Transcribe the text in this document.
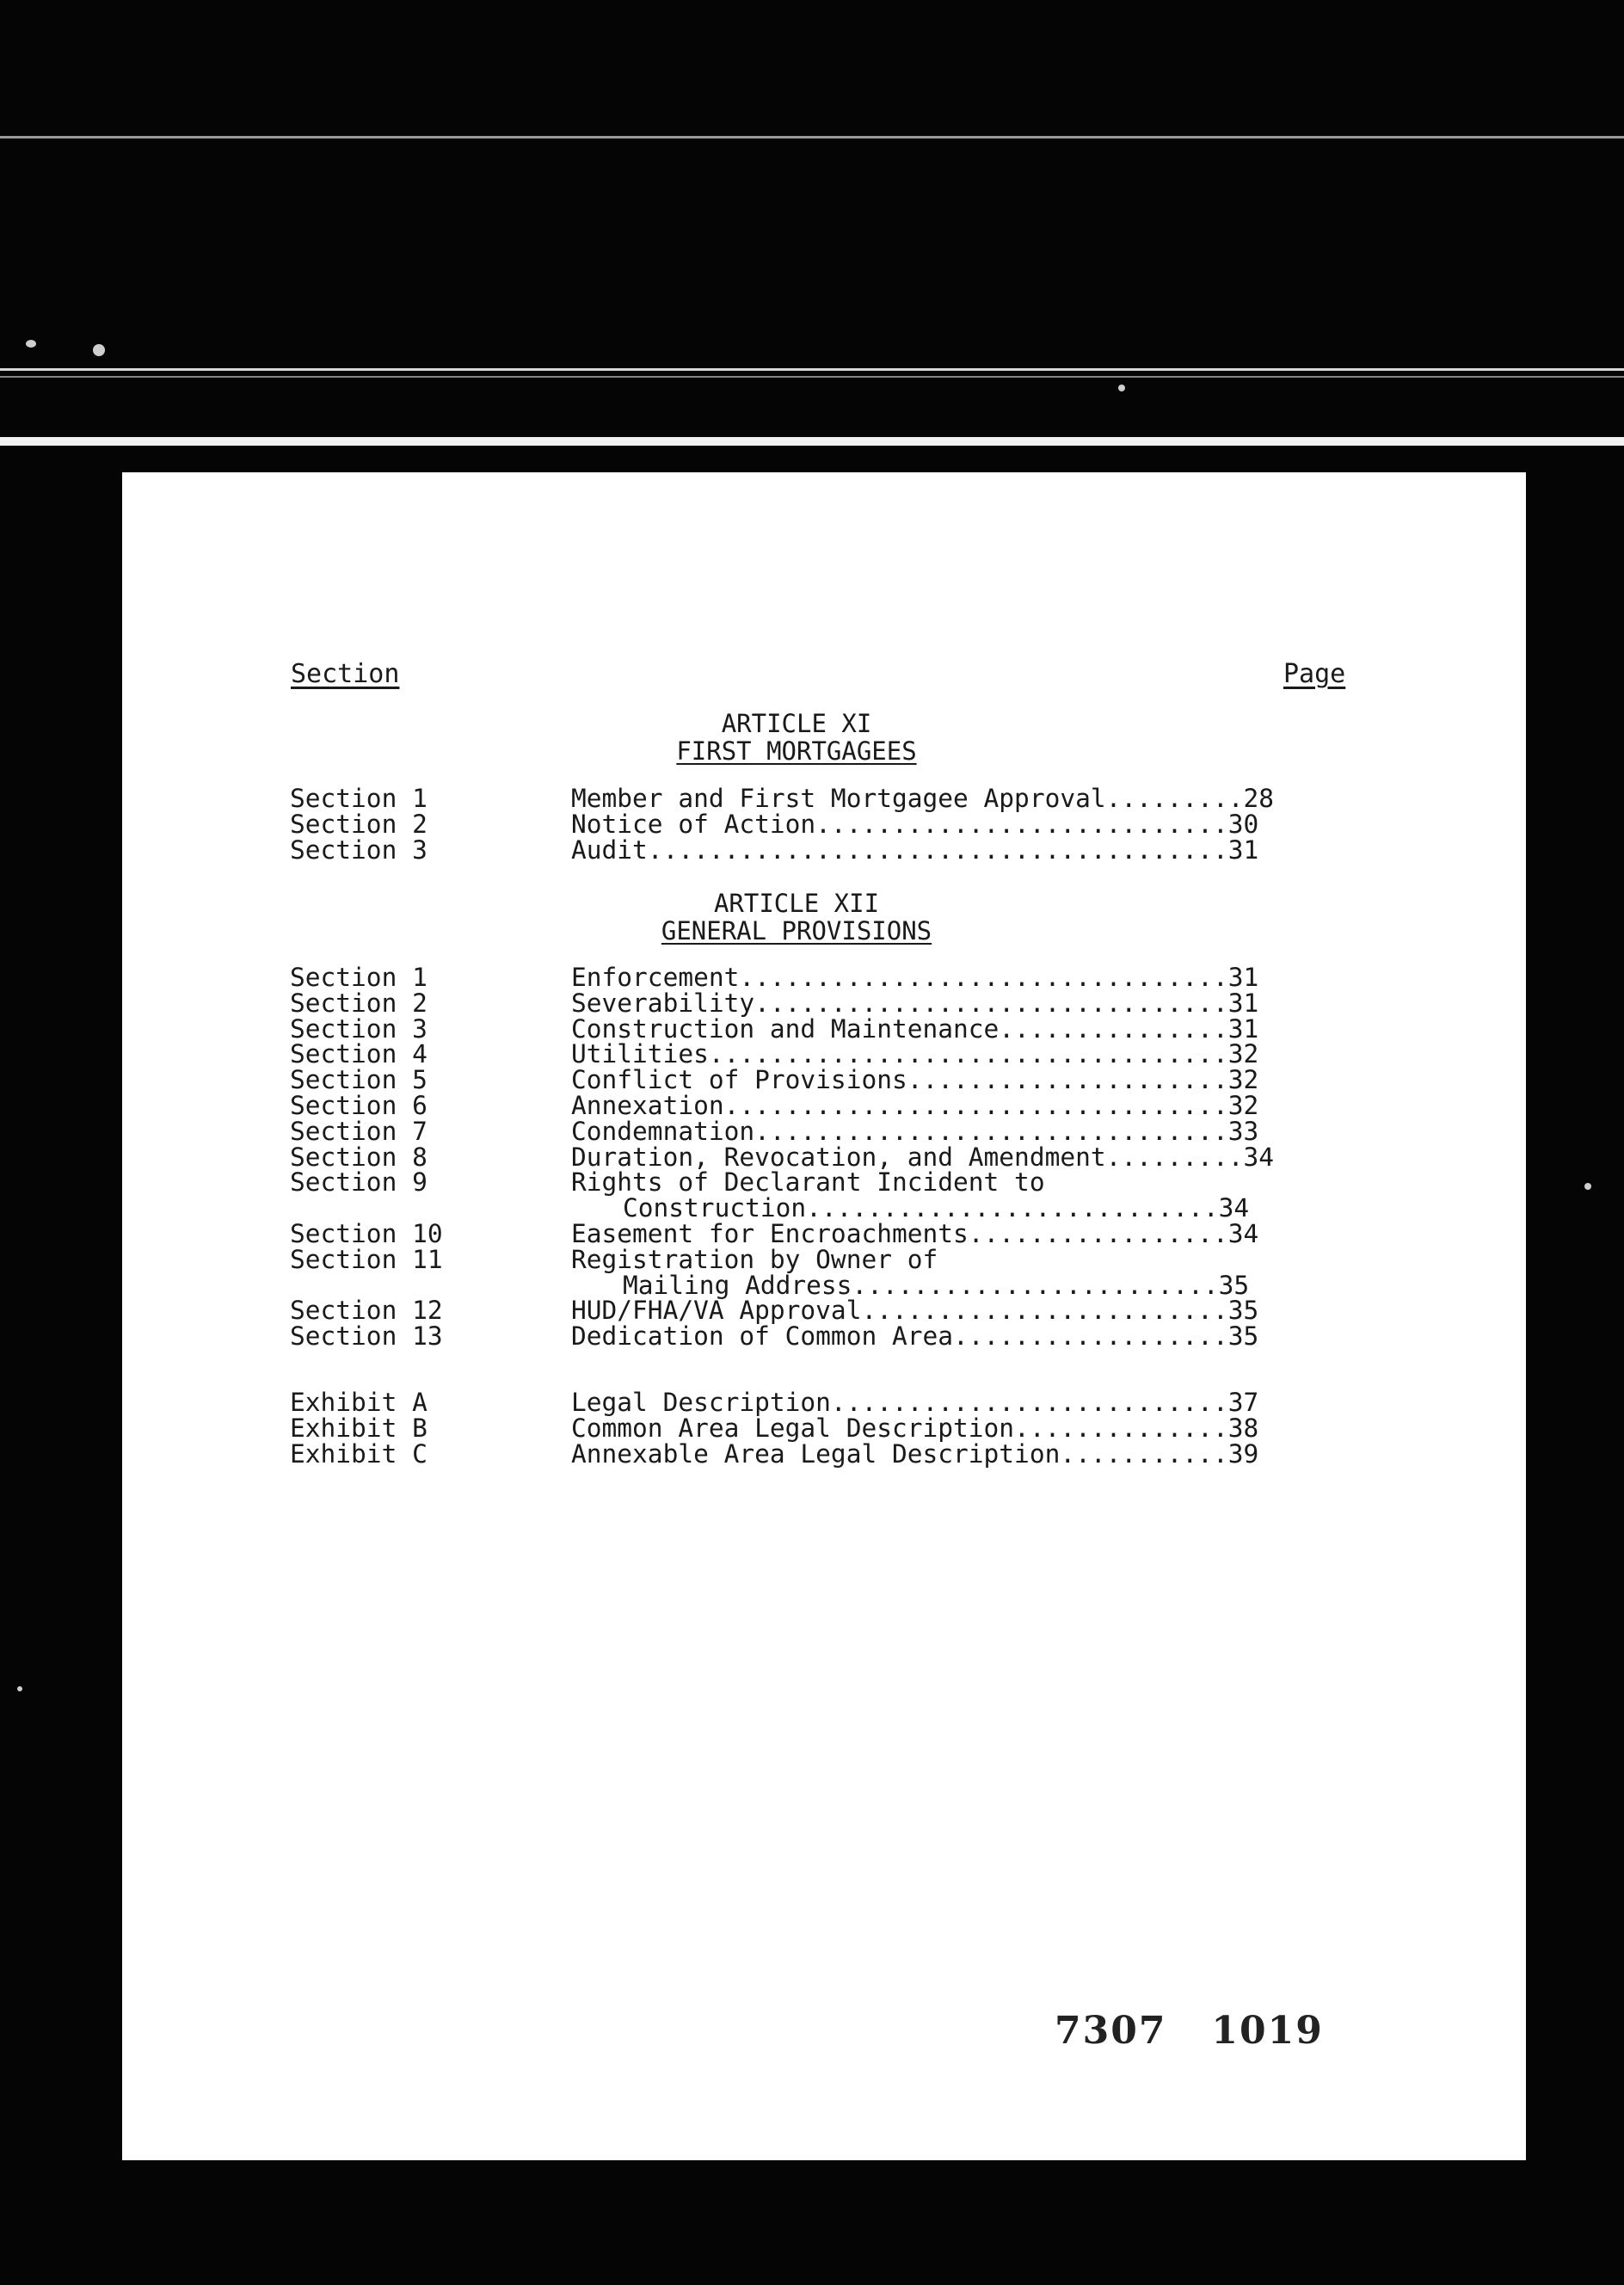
Section	Page
ARTICLE XI
FIRST MORTGAGEES
Section 1	Member and First Mortgagee Approval.........28
Section 2	Notice of Action...........................30
Section 3	Audit......................................31
ARTICLE XII
GENERAL PROVISIONS
Section 1	Enforcement................................31
Section 2	Severability...............................31
Section 3	Construction and Maintenance...............31
Section 4	Utilities..................................32
Section 5	Conflict of Provisions.....................32
Section 6	Annexation.................................32
Section 7	Condemnation...............................33
Section 8	Duration, Revocation, and Amendment.........34
Section 9	Rights of Declarant Incident to
Construction...........................34
Section 10	Easement for Encroachments.................34
Section 11	Registration by Owner of
Mailing Address........................35
Section 12	HUD/FHA/VA Approval........................35
Section 13	Dedication of Common Area..................35
Exhibit A	Legal Description..........................37
Exhibit B	Common Area Legal Description..............38
Exhibit C	Annexable Area Legal Description...........39
7307   1019
